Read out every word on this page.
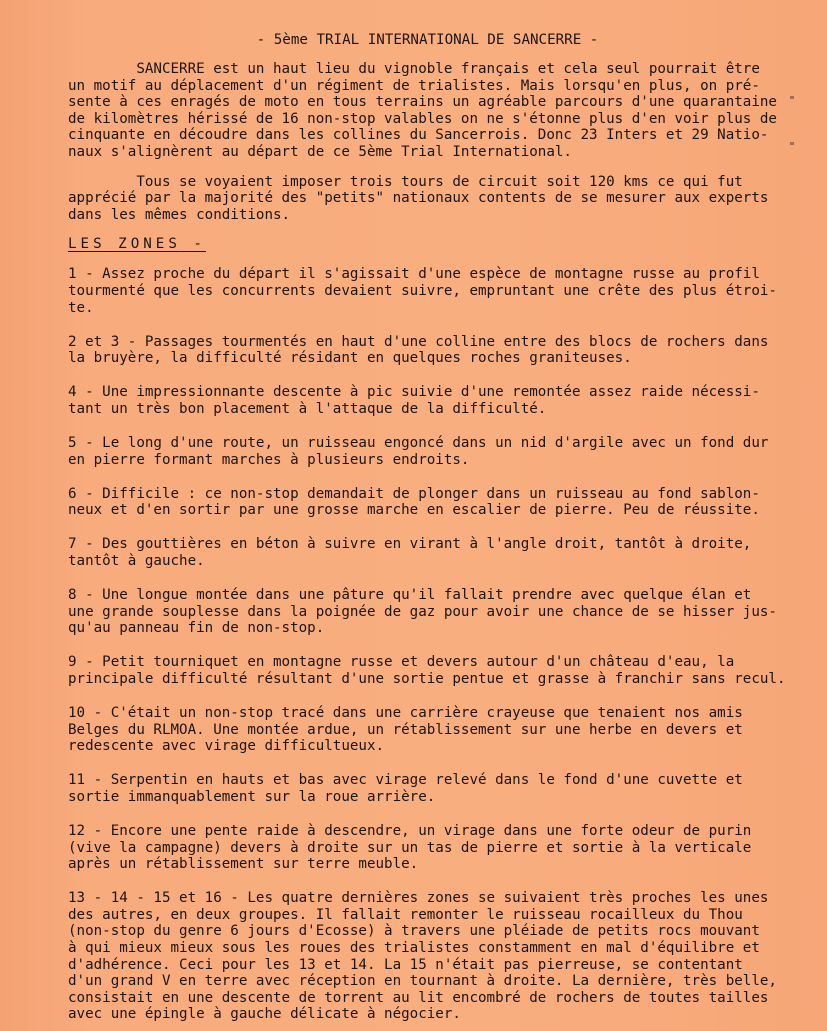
- 5ème TRIAL INTERNATIONAL DE SANCERRE -

SANCERRE est un haut lieu du vignoble français et cela seul pourrait être
un motif au déplacement d'un régiment de trialistes. Mais lorsqu'en plus, on pré-
sente à ces enragés de moto en tous terrains un agréable parcours d'une quarantaine
de kilomètres hérissé de 16 non-stop valables on ne s'étonne plus d'en voir plus de
cinquante en découdre dans les collines du Sancerrois. Donc 23 Inters et 29 Natio-
naux s'alignèrent au départ de ce 5ème Trial International.

Tous se voyaient imposer trois tours de circuit soit 120 kms ce qui fut
apprécié par la majorité des "petits" nationaux contents de se mesurer aux experts
dans les mêmes conditions.

LES ZONES -

1 - Assez proche du départ il s'agissait d'une espèce de montagne russe au profil
tourmenté que les concurrents devaient suivre, empruntant une crête des plus étroi-
te.

2 et 3 - Passages tourmentés en haut d'une colline entre des blocs de rochers dans
la bruyère, la difficulté résidant en quelques roches graniteuses.

4 - Une impressionnante descente à pic suivie d'une remontée assez raide nécessi-
tant un très bon placement à l'attaque de la difficulté.

5 - Le long d'une route, un ruisseau engoncé dans un nid d'argile avec un fond dur
en pierre formant marches à plusieurs endroits.

6 - Difficile : ce non-stop demandait de plonger dans un ruisseau au fond sablon-
neux et d'en sortir par une grosse marche en escalier de pierre. Peu de réussite.

7 - Des gouttières en béton à suivre en virant à l'angle droit, tantôt à droite,
tantôt à gauche.

8 - Une longue montée dans une pâture qu'il fallait prendre avec quelque élan et
une grande souplesse dans la poignée de gaz pour avoir une chance de se hisser jus-
qu'au panneau fin de non-stop.

9 - Petit tourniquet en montagne russe et devers autour d'un château d'eau, la
principale difficulté résultant d'une sortie pentue et grasse à franchir sans recul.

10 - C'était un non-stop tracé dans une carrière crayeuse que tenaient nos amis
Belges du RLMOA. Une montée ardue, un rétablissement sur une herbe en devers et
redescente avec virage difficultueux.

11 - Serpentin en hauts et bas avec virage relevé dans le fond d'une cuvette et
sortie immanquablement sur la roue arrière.

12 - Encore une pente raide à descendre, un virage dans une forte odeur de purin
(vive la campagne) devers à droite sur un tas de pierre et sortie à la verticale
après un rétablissement sur terre meuble.

13 - 14 - 15 et 16 - Les quatre dernières zones se suivaient très proches les unes
des autres, en deux groupes. Il fallait remonter le ruisseau rocailleux du Thou
(non-stop du genre 6 jours d'Ecosse) à travers une pléiade de petits rocs mouvant
à qui mieux mieux sous les roues des trialistes constamment en mal d'équilibre et
d'adhérence. Ceci pour les 13 et 14. La 15 n'était pas pierreuse, se contentant
d'un grand V en terre avec réception en tournant à droite. La dernière, très belle,
consistait en une descente de torrent au lit encombré de rochers de toutes tailles
avec une épingle à gauche délicate à négocier.
